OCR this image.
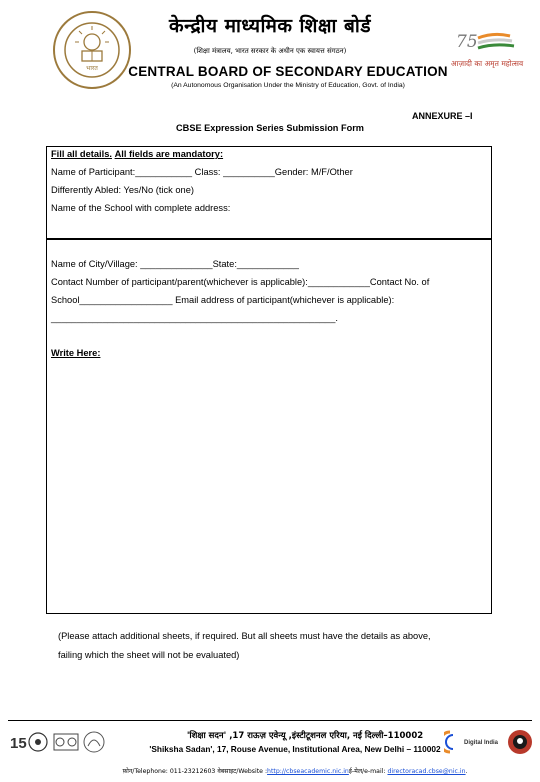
भारत
केन्द्रीय माध्यमिक शिक्षा बोर्ड
(शिक्षा मंत्रालय, भारत सरकार के अधीन एक स्वायत्त संगठन)
CENTRAL BOARD OF SECONDARY EDUCATION
(An Autonomous Organisation Under the Ministry of Education, Govt. of India)
75
आज़ादी का अमृत महोत्सव
ANNEXURE –I
CBSE Expression Series Submission Form
Fill all details. All fields are mandatory:
Name of Participant:___________ Class: __________Gender: M/F/Other
Differently Abled: Yes/No (tick one)
Name of the School with complete address:
Name of City/Village: ______________State:____________
Contact Number of participant/parent(whichever is applicable):____________Contact No. of
School__________________ Email address of participant(whichever is applicable):
_______________________________________________________.
Write Here:
(Please attach additional sheets, if required. But all sheets must have the details as above,
failing which the sheet will not be evaluated)
15	'शिक्षा सदन' ,17 राऊज़ एवेन्यू ,इंस्टीटूशनल एरिया, नई दिल्ली–110002
'Shiksha Sadan', 17, Rouse Avenue, Institutional Area, New Delhi – 110002
Digital India
फ़ोन/Telephone: 011-23212603 वेबसाइट/Website :http://cbseacademic.nic.inई-मेल/e-mail: directoracad.cbse@nic.in.
